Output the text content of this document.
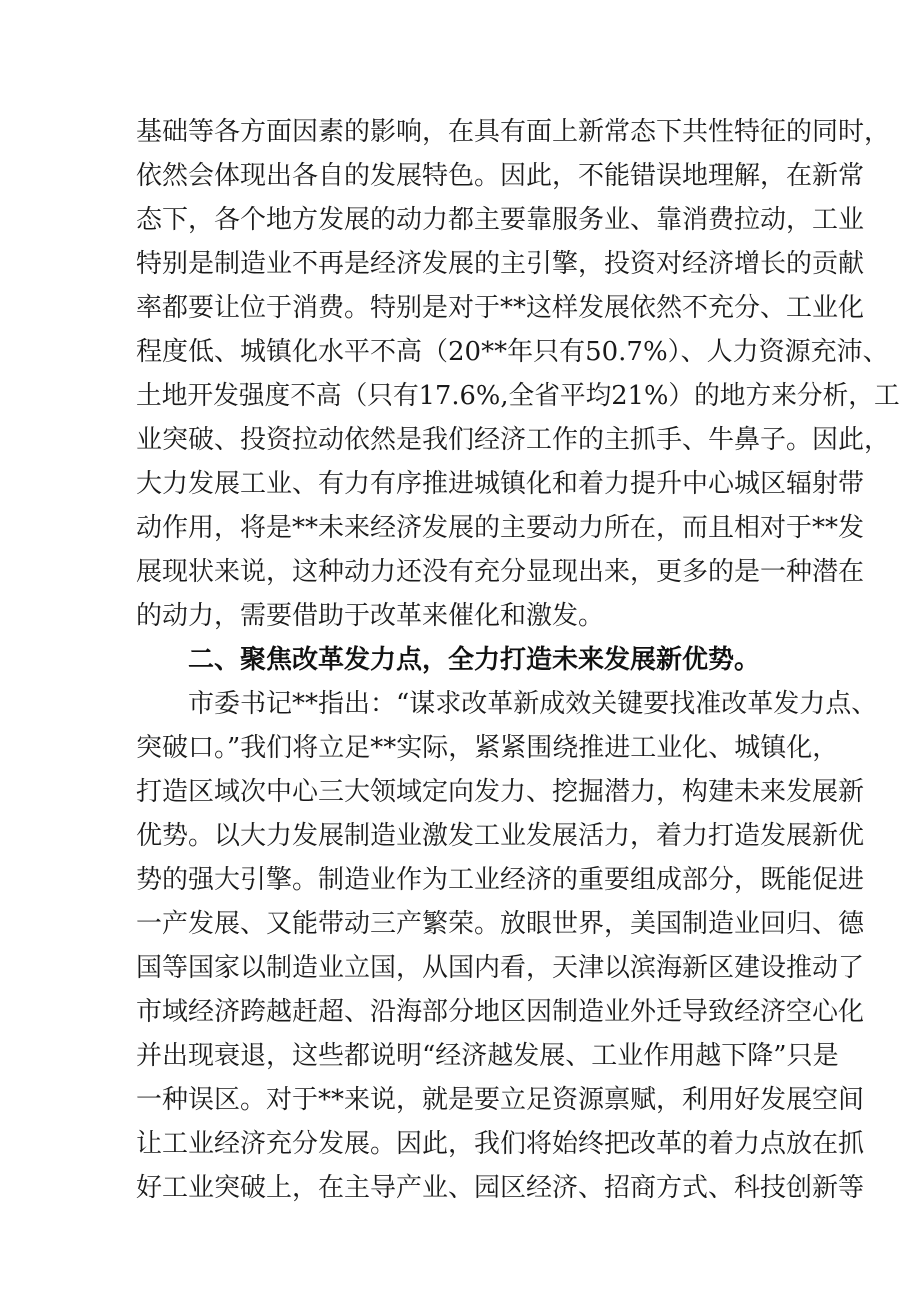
基础等各方面因素的影响，在具有面上新常态下共性特征的同时，
依然会体现出各自的发展特色。因此，不能错误地理解，在新常
态下，各个地方发展的动力都主要靠服务业、靠消费拉动，工业
特别是制造业不再是经济发展的主引擎，投资对经济增长的贡献
率都要让位于消费。特别是对于**这样发展依然不充分、工业化
程度低、城镇化水平不高（20**年只有50.7%）、人力资源充沛、
土地开发强度不高（只有17.6%,全省平均21%）的地方来分析，工
业突破、投资拉动依然是我们经济工作的主抓手、牛鼻子。因此，
大力发展工业、有力有序推进城镇化和着力提升中心城区辐射带
动作用，将是**未来经济发展的主要动力所在，而且相对于**发
展现状来说，这种动力还没有充分显现出来，更多的是一种潜在
的动力，需要借助于改革来催化和激发。
二、聚焦改革发力点，全力打造未来发展新优势。
市委书记**指出：“谋求改革新成效关键要找准改革发力点、
突破口。”我们将立足**实际，紧紧围绕推进工业化、城镇化，
打造区域次中心三大领域定向发力、挖掘潜力，构建未来发展新
优势。以大力发展制造业激发工业发展活力，着力打造发展新优
势的强大引擎。制造业作为工业经济的重要组成部分，既能促进
一产发展、又能带动三产繁荣。放眼世界，美国制造业回归、德
国等国家以制造业立国，从国内看，天津以滨海新区建设推动了
市域经济跨越赶超、沿海部分地区因制造业外迁导致经济空心化
并出现衰退，这些都说明“经济越发展、工业作用越下降”只是
一种误区。对于**来说，就是要立足资源禀赋，利用好发展空间
让工业经济充分发展。因此，我们将始终把改革的着力点放在抓
好工业突破上，在主导产业、园区经济、招商方式、科技创新等
